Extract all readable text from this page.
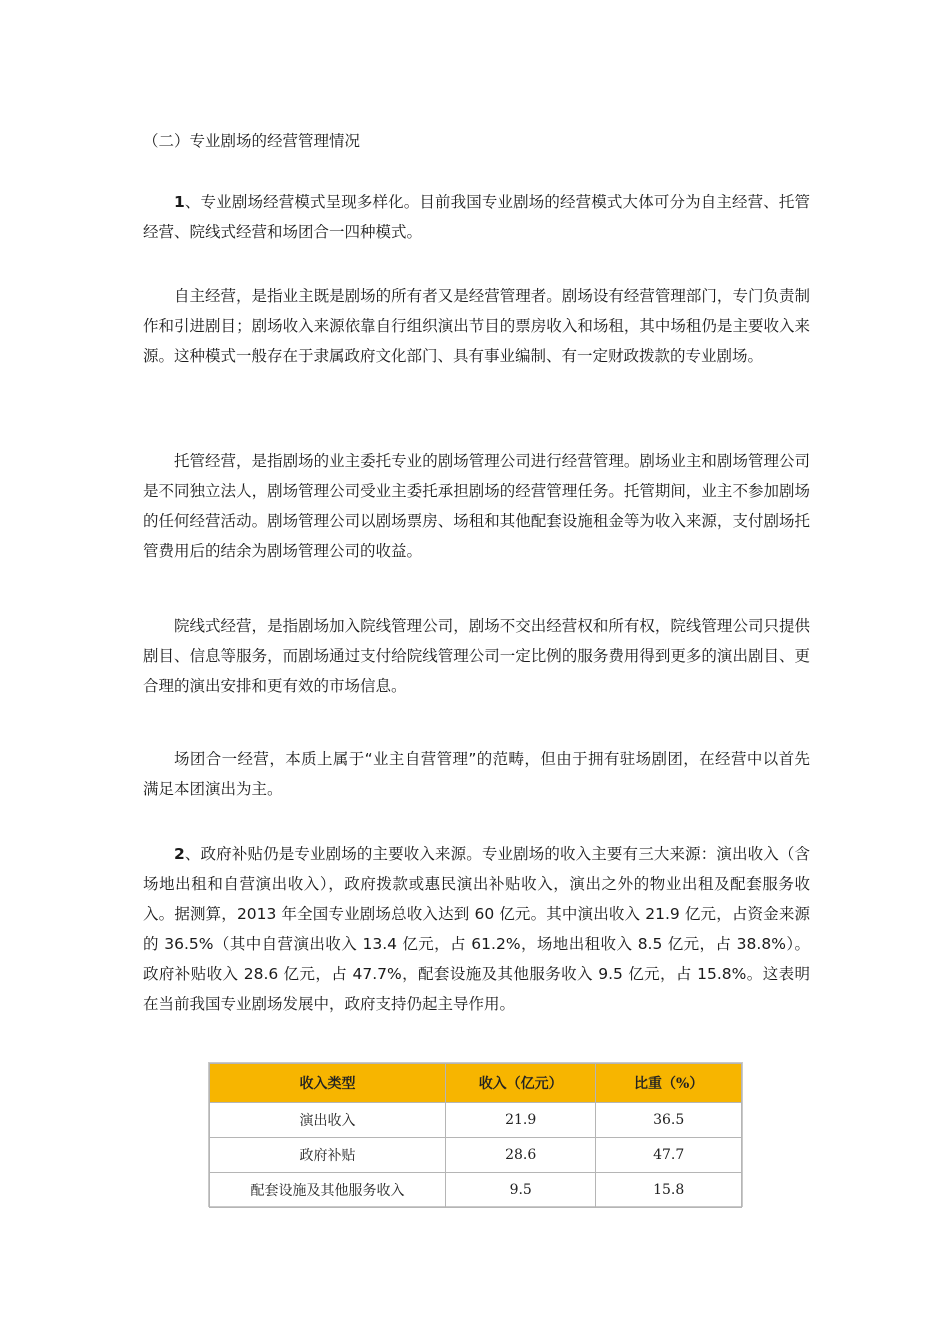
（二）专业剧场的经营管理情况

1、专业剧场经营模式呈现多样化。目前我国专业剧场的经营模式大体可分为自主经营、托管经营、院线式经营和场团合一四种模式。

自主经营，是指业主既是剧场的所有者又是经营管理者。剧场设有经营管理部门，专门负责制作和引进剧目；剧场收入来源依靠自行组织演出节目的票房收入和场租，其中场租仍是主要收入来源。这种模式一般存在于隶属政府文化部门、具有事业编制、有一定财政拨款的专业剧场。

托管经营，是指剧场的业主委托专业的剧场管理公司进行经营管理。剧场业主和剧场管理公司是不同独立法人，剧场管理公司受业主委托承担剧场的经营管理任务。托管期间，业主不参加剧场的任何经营活动。剧场管理公司以剧场票房、场租和其他配套设施租金等为收入来源，支付剧场托管费用后的结余为剧场管理公司的收益。

院线式经营，是指剧场加入院线管理公司，剧场不交出经营权和所有权，院线管理公司只提供剧目、信息等服务，而剧场通过支付给院线管理公司一定比例的服务费用得到更多的演出剧目、更合理的演出安排和更有效的市场信息。

场团合一经营，本质上属于“业主自营管理”的范畴，但由于拥有驻场剧团，在经营中以首先满足本团演出为主。

2、政府补贴仍是专业剧场的主要收入来源。专业剧场的收入主要有三大来源：演出收入（含场地出租和自营演出收入），政府拨款或惠民演出补贴收入，演出之外的物业出租及配套服务收入。据测算，2013 年全国专业剧场总收入达到 60 亿元。其中演出收入 21.9 亿元，占资金来源的 36.5%（其中自营演出收入 13.4 亿元，占 61.2%，场地出租收入 8.5 亿元，占 38.8%）。政府补贴收入 28.6 亿元，占 47.7%，配套设施及其他服务收入 9.5 亿元，占 15.8%。这表明在当前我国专业剧场发展中，政府支持仍起主导作用。

收入类型	收入（亿元）	比重（%）
演出收入	21.9	36.5
政府补贴	28.6	47.7
配套设施及其他服务收入	9.5	15.8
